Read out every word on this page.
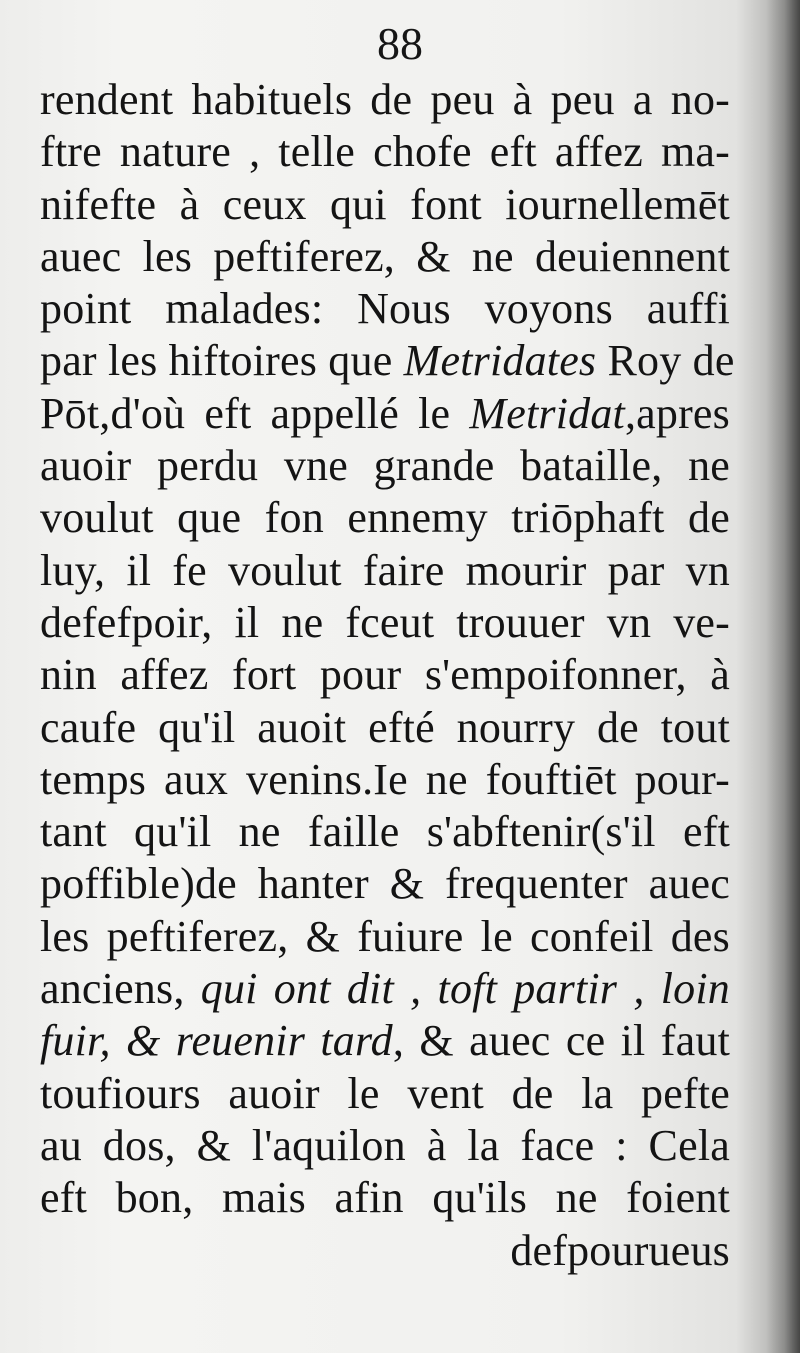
88
rendent habituels de peu à peu a no-
ftre nature , telle chofe eft affez ma-
nifefte à ceux qui font iournellemēt
auec les peftiferez, & ne deuiennent
point malades: Nous voyons auffi
par les hiftoires que Metridates Roy de
Pōt,d'où eft appellé le Metridat,apres
auoir perdu vne grande bataille, ne
voulut que fon ennemy triōphaft de
luy, il fe voulut faire mourir par vn
defefpoir, il ne fceut trouuer vn ve-
nin affez fort pour s'empoifonner, à
caufe qu'il auoit efté nourry de tout
temps aux venins.Ie ne fouftiēt pour-
tant qu'il ne faille s'abftenir(s'il eft
poffible)de hanter & frequenter auec
les peftiferez, & fuiure le confeil des
anciens, qui ont dit , toft partir , loin
fuir, & reuenir tard, & auec ce il faut
toufiours auoir le vent de la pefte
au dos, & l'aquilon à la face : Cela
eft bon, mais afin qu'ils ne foient
defpourueus
